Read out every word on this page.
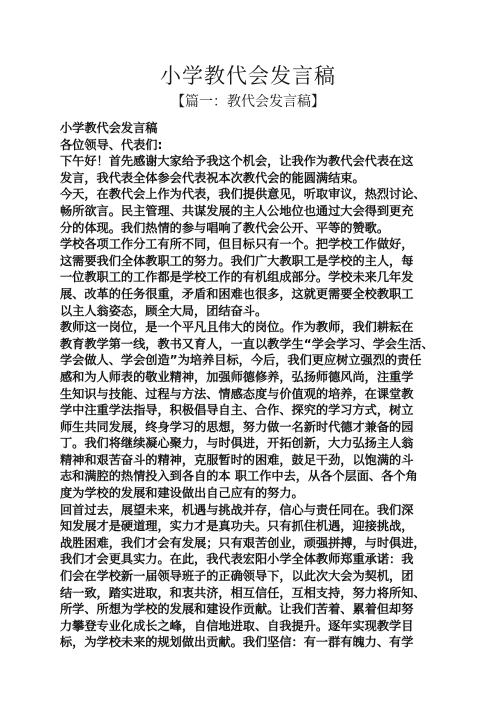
小学教代会发言稿
【篇一：教代会发言稿】
小学教代会发言稿
各位领导、代表们:
下午好！首先感谢大家给予我这个机会，让我作为教代会代表在这
发言，我代表全体参会代表祝本次教代会的能圆满结束。
今天，在教代会上作为代表，我们提供意见，听取审议，热烈讨论、
畅所欲言。民主管理、共谋发展的主人公地位也通过大会得到更充
分的体现。我们热情的参与唱响了教代会公开、平等的赞歌。
学校各项工作分工有所不同，但目标只有一个。把学校工作做好，
这需要我们全体教职工的努力。我们广大教职工是学校的主人，每
一位教职工的工作都是学校工作的有机组成部分。学校未来几年发
展、改革的任务很重，矛盾和困难也很多，这就更需要全校教职工
以主人翁姿态，顾全大局，团结奋斗。
教师这一岗位，是一个平凡且伟大的岗位。作为教师，我们耕耘在
教育教学第一线，教书又育人，一直以教学生“学会学习、学会生活、
学会做人、学会创造”为培养目标，今后，我们更应树立强烈的责任
感和为人师表的敬业精神，加强师德修养，弘扬师德风尚，注重学
生知识与技能、过程与方法、情感态度与价值观的培养，在课堂教
学中注重学法指导，积极倡导自主、合作、探究的学习方式，树立
师生共同发展，终身学习的思想，努力做一名新时代德才兼备的园
丁。我们将继续凝心聚力，与时俱进，开拓创新，大力弘扬主人翁
精神和艰苦奋斗的精神，克服暂时的困难，鼓足干劲，以饱满的斗
志和满腔的热情投入到各自的本 职工作中去，从各个层面、各个角
度为学校的发展和建设做出自己应有的努力。
回首过去，展望未来，机遇与挑战并存，信心与责任同在。我们深
知发展才是硬道理，实力才是真功夫。只有抓住机遇，迎接挑战，
战胜困难，我们才会有发展；只有艰苦创业，顽强拼搏，与时俱进，
我们才会更具实力。在此，我代表宏阳小学全体教师郑重承诺：我
们会在学校新一届领导班子的正确领导下，以此次大会为契机，团
结一致，踏实进取，和衷共济，相互信任，互相支持，努力将所知、
所学、所想为学校的发展和建设作贡献。让我们苦着、累着但却努
力攀登专业化成长之峰，自信地进取、自我提升。逐年实现教学目
标，为学校未来的规划做出贡献。我们坚信：有一群有魄力、有学
